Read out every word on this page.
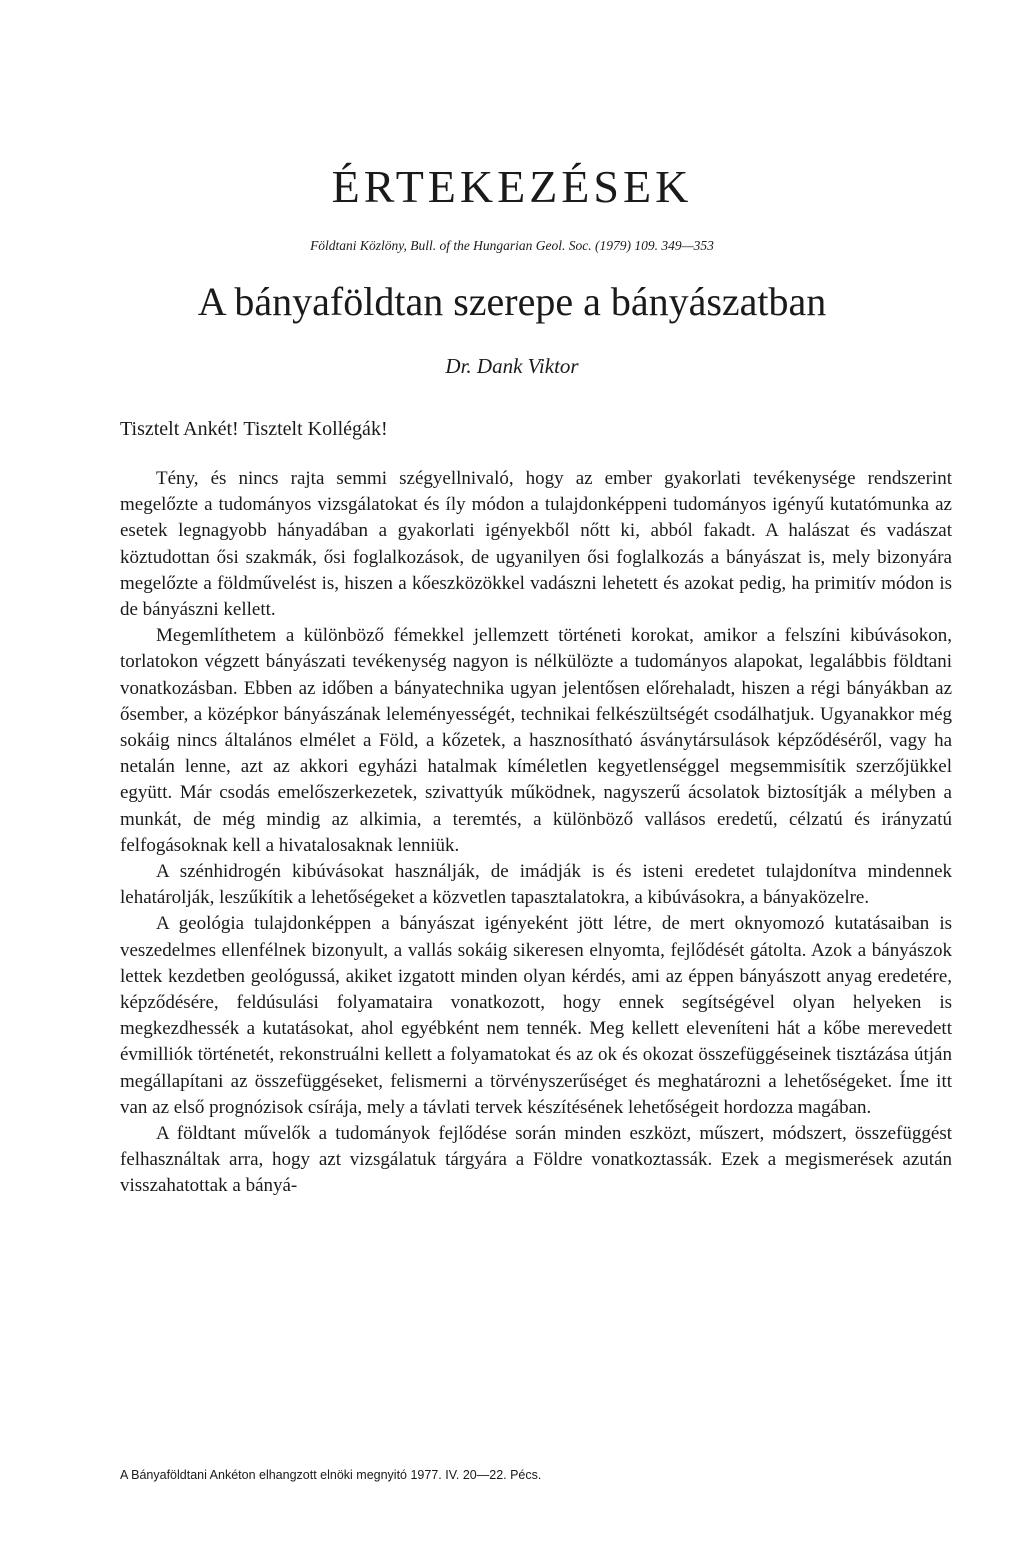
ÉRTEKEZÉSEK
Földtani Közlöny, Bull. of the Hungarian Geol. Soc. (1979) 109. 349—353
A bányaföldtan szerepe a bányászatban
Dr. Dank Viktor
Tisztelt Ankét! Tisztelt Kollégák!

Tény, és nincs rajta semmi szégyellnivaló, hogy az ember gyakorlati tevékenysége rendszerint megelőzte a tudományos vizsgálatokat és íly módon a tulajdonképpeni tudományos igényű kutatómunka az esetek legnagyobb hányadában a gyakorlati igényekből nőtt ki, abból fakadt. A halászat és vadászat köztudottan ősi szakmák, ősi foglalkozások, de ugyanilyen ősi foglalkozás a bányászat is, mely bizonyára megelőzte a földművelést is, hiszen a kőeszközökkel vadászni lehetett és azokat pedig, ha primitív módon is de bányászni kellett.

Megemlíthetem a különböző fémekkel jellemzett történeti korokat, amikor a felszíni kibúvásokon, torlatokon végzett bányászati tevékenység nagyon is nélkülözte a tudományos alapokat, legalábbis földtani vonatkozásban. Ebben az időben a bányatechnika ugyan jelentősen előrehaladt, hiszen a régi bányákban az ősember, a középkor bányászának leleményességét, technikai felkészültségét csodálhatjuk. Ugyanakkor még sokáig nincs általános elmélet a Föld, a kőzetek, a hasznosítható ásványtársulások képződéséről, vagy ha netalán lenne, azt az akkori egyházi hatalmak kíméletlen kegyetlenséggel megsemmisítik szerzőjükkel együtt. Már csodás emelőszerkezetek, szivattyúk működnek, nagyszerű ácsolatok biztosítják a mélyben a munkát, de még mindig az alkimia, a teremtés, a különböző vallásos eredetű, célzatú és irányzatú felfogásoknak kell a hivatalosaknak lenniük.

A szénhidrogén kibúvásokat használják, de imádják is és isteni eredetet tulajdonítva mindennek lehatárolják, leszűkítik a lehetőségeket a közvetlen tapasztalatokra, a kibúvásokra, a bányaközelre.

A geológia tulajdonképpen a bányászat igényeként jött létre, de mert oknyomozó kutatásaiban is veszedelmes ellenfélnek bizonyult, a vallás sokáig sikeresen elnyomta, fejlődését gátolta. Azok a bányászok lettek kezdetben geológussá, akiket izgatott minden olyan kérdés, ami az éppen bányászott anyag eredetére, képződésére, feldúsulási folyamataira vonatkozott, hogy ennek segítségével olyan helyeken is megkezdhessék a kutatásokat, ahol egyébként nem tennék. Meg kellett eleveníteni hát a kőbe merevedett évmilliók történetét, rekonstruálni kellett a folyamatokat és az ok és okozat összefüggéseinek tisztázása útján megállapítani az összefüggéseket, felismerni a törvényszerűséget és meghatározni a lehetőségeket. Íme itt van az első prognózisok csírája, mely a távlati tervek készítésének lehetőségeit hordozza magában.

A földtant művelők a tudományok fejlődése során minden eszközt, műszert, módszert, összefüggést felhasználtak arra, hogy azt vizsgálatuk tárgyára a Földre vonatkoztassák. Ezek a megismerések azután visszahatottak a bányá-

A Bányaföldtani Ankéton elhangzott elnöki megnyitó 1977. IV. 20—22. Pécs.
